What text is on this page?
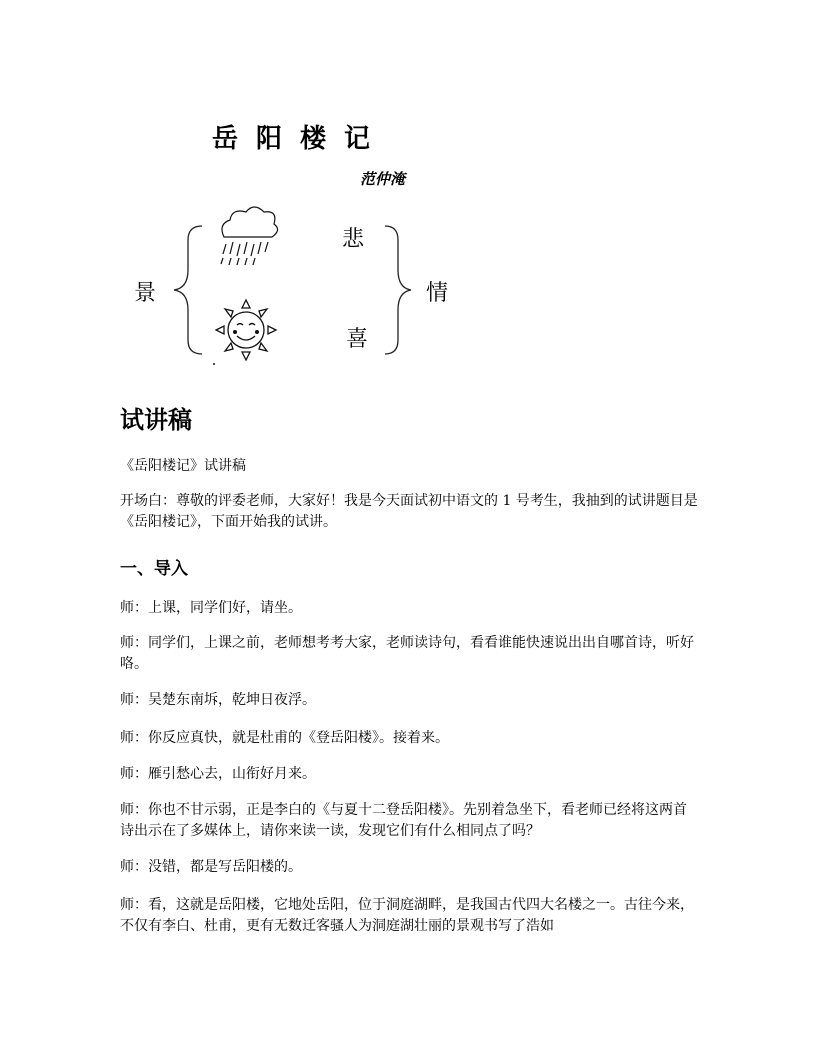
岳 阳 楼 记
范仲淹
悲
景	情
喜
试讲稿
《岳阳楼记》试讲稿
开场白：尊敬的评委老师，大家好！我是今天面试初中语文的 1 号考生，我抽到的试讲题目是《岳阳楼记》，下面开始我的试讲。
一、导入
师：上课，同学们好，请坐。
师：同学们，上课之前，老师想考考大家，老师读诗句，看看谁能快速说出出自哪首诗，听好咯。
师：吴楚东南坼，乾坤日夜浮。
师：你反应真快，就是杜甫的《登岳阳楼》。接着来。
师：雁引愁心去，山衔好月来。
师：你也不甘示弱，正是李白的《与夏十二登岳阳楼》。先别着急坐下，看老师已经将这两首诗出示在了多媒体上，请你来读一读，发现它们有什么相同点了吗？
师：没错，都是写岳阳楼的。
师：看，这就是岳阳楼，它地处岳阳，位于洞庭湖畔，是我国古代四大名楼之一。古往今来，不仅有李白、杜甫，更有无数迁客骚人为洞庭湖壮丽的景观书写了浩如
